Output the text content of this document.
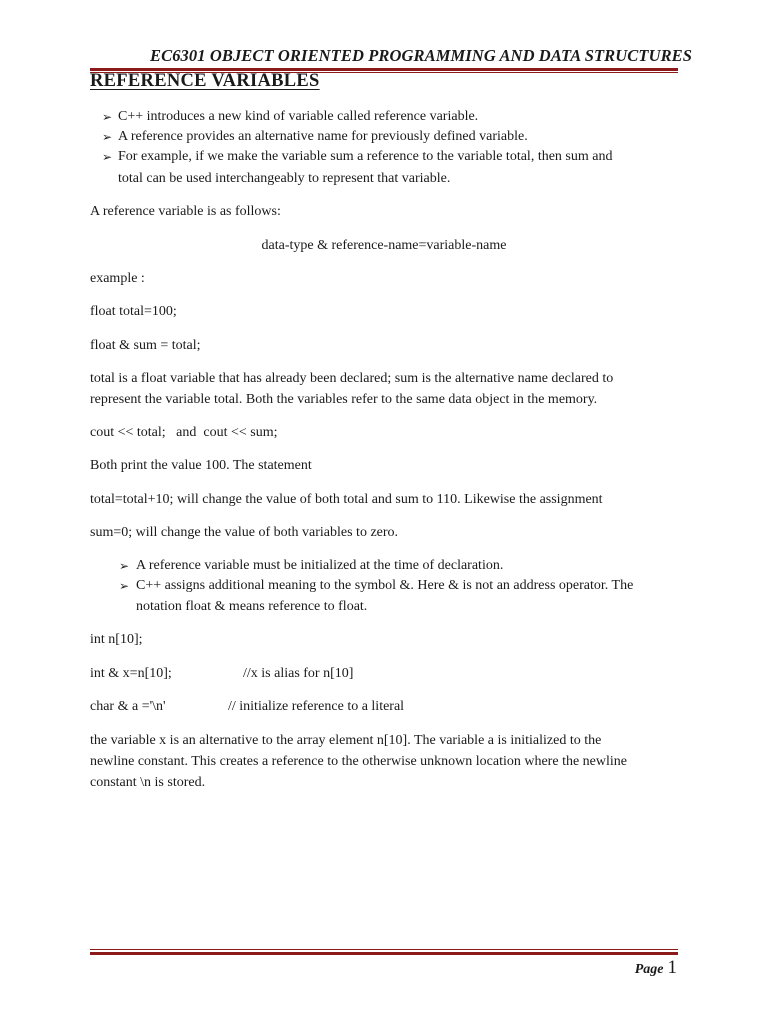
EC6301 OBJECT ORIENTED PROGRAMMING AND DATA STRUCTURES
REFERENCE VARIABLES
➢ C++ introduces a new kind of variable called reference variable.
➢ A reference provides an alternative name for previously defined variable.
➢ For example, if we make the variable sum a reference to the variable total, then sum and
total can be used interchangeably to represent that variable.
A reference variable is as follows:
data-type & reference-name=variable-name
example :
float total=100;
float & sum = total;
total is a float variable that has already been declared; sum is the alternative name declared to
represent the variable total. Both the variables refer to the same data object in the memory.
cout << total;   and  cout << sum;
Both print the value 100. The statement
total=total+10; will change the value of both total and sum to 110. Likewise the assignment
sum=0; will change the value of both variables to zero.
➢ A reference variable must be initialized at the time of declaration.
➢ C++ assigns additional meaning to the symbol &. Here & is not an address operator. The
notation float & means reference to float.
int n[10];
int & x=n[10];	//x is alias for n[10]
char & a ='\n'	// initialize reference to a literal
the variable x is an alternative to the array element n[10]. The variable a is initialized to the
newline constant. This creates a reference to the otherwise unknown location where the newline
constant \n is stored.
Page 1
